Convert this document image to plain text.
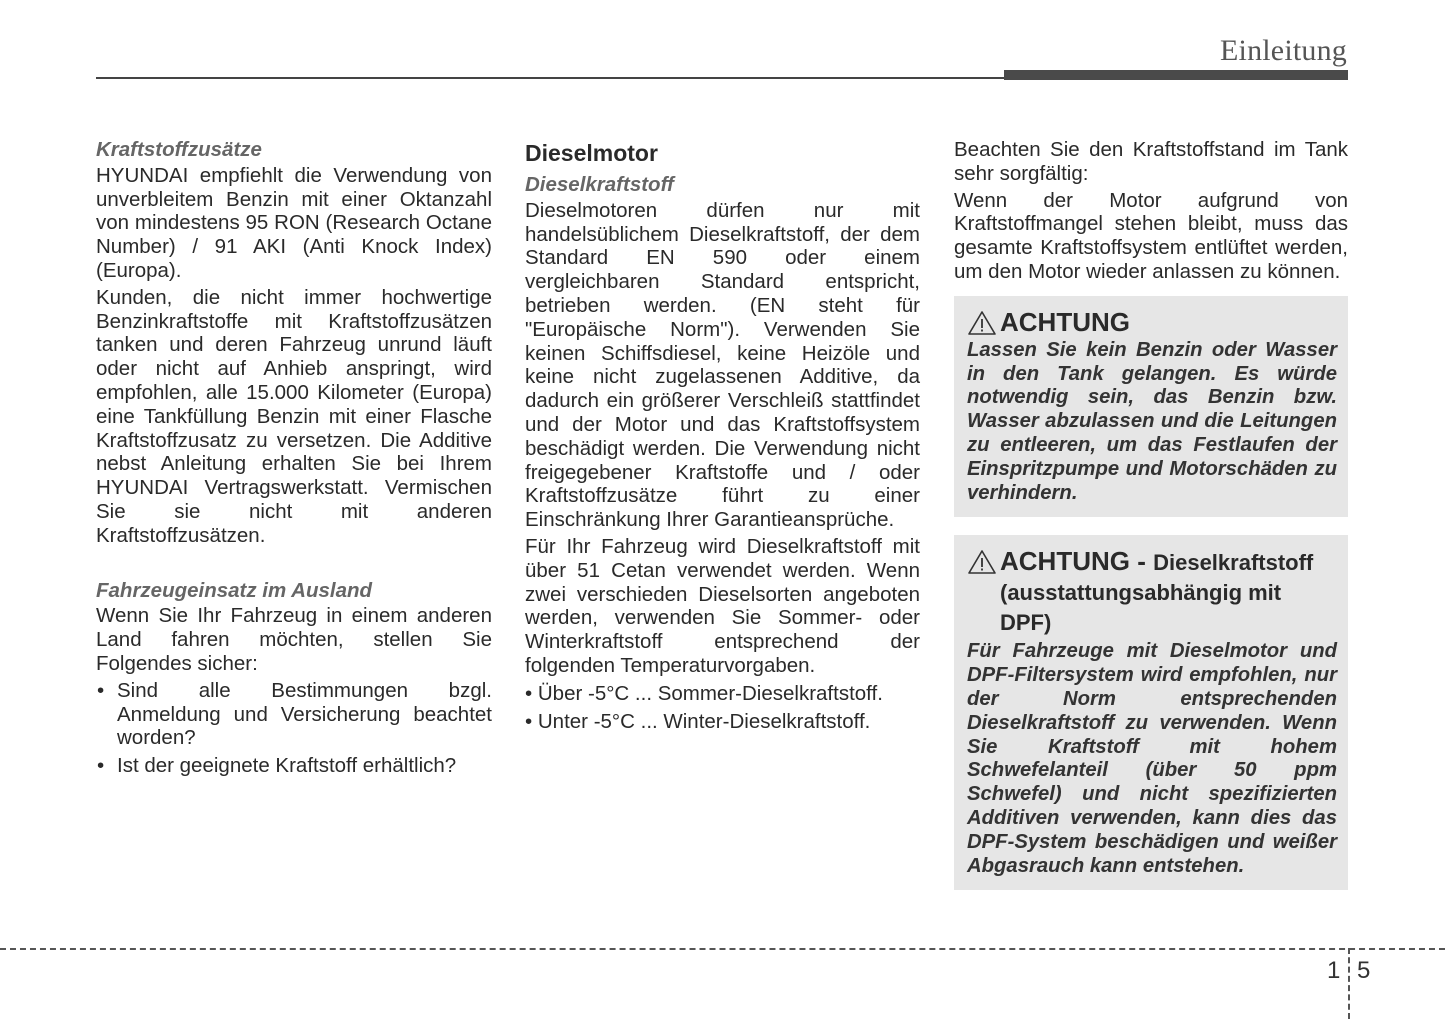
Einleitung
Kraftstoffzusätze

HYUNDAI empfiehlt die Verwendung von unverbleitem Benzin mit einer Oktanzahl von mindestens 95 RON (Research Octane Number) / 91 AKI (Anti Knock Index) (Europa).

Kunden, die nicht immer hochwertige Benzinkraftstoffe mit Kraftstoffzusätzen tanken und deren Fahrzeug unrund läuft oder nicht auf Anhieb anspringt, wird empfohlen, alle 15.000 Kilometer (Europa) eine Tankfüllung Benzin mit einer Flasche Kraftstoffzusatz zu versetzen. Die Additive nebst Anleitung erhalten Sie bei Ihrem HYUNDAI Vertragswerkstatt. Vermischen Sie sie nicht mit anderen Kraftstoffzusätzen.

Fahrzeugeinsatz im Ausland

Wenn Sie Ihr Fahrzeug in einem anderen Land fahren möchten, stellen Sie Folgendes sicher:

• Sind alle Bestimmungen bzgl. Anmeldung und Versicherung beachtet worden?
• Ist der geeignete Kraftstoff erhältlich?
Dieselmotor
Dieselkraftstoff

Dieselmotoren dürfen nur mit handelsüblichem Dieselkraftstoff, der dem Standard EN 590 oder einem vergleichbaren Standard entspricht, betrieben werden. (EN steht für "Europäische Norm"). Verwenden Sie keinen Schiffsdiesel, keine Heizöle und keine nicht zugelassenen Additive, da dadurch ein größerer Verschleiß stattfindet und der Motor und das Kraftstoffsystem beschädigt werden. Die Verwendung nicht freigegebener Kraftstoffe und / oder Kraftstoffzusätze führt zu einer Einschränkung Ihrer Garantieansprüche.

Für Ihr Fahrzeug wird Dieselkraftstoff mit über 51 Cetan verwendet werden. Wenn zwei verschieden Dieselsorten angeboten werden, verwenden Sie Sommer- oder Winterkraftstoff entsprechend der folgenden Temperaturvorgaben.

• Über -5°C ... Sommer-Dieselkraftstoff.
• Unter -5°C ... Winter-Dieselkraftstoff.

Beachten Sie den Kraftstoffstand im Tank sehr sorgfältig:

Wenn der Motor aufgrund von Kraftstoffmangel stehen bleibt, muss das gesamte Kraftstoffsystem entlüftet werden, um den Motor wieder anlassen zu können.

ACHTUNG
Lassen Sie kein Benzin oder Wasser in den Tank gelangen. Es würde notwendig sein, das Benzin bzw. Wasser abzulassen und die Leitungen zu entleeren, um das Festlaufen der Einspritzpumpe und Motorschäden zu verhindern.
ACHTUNG - Dieselkraftstoff (ausstattungsabhängig mit DPF)
Für Fahrzeuge mit Dieselmotor und DPF-Filtersystem wird empfohlen, nur der Norm entsprechenden Dieselkraftstoff zu verwenden. Wenn Sie Kraftstoff mit hohem Schwefelanteil (über 50 ppm Schwefel) und nicht spezifizierten Additiven verwenden, kann dies das DPF-System beschädigen und weißer Abgasrauch kann entstehen.
1 5
